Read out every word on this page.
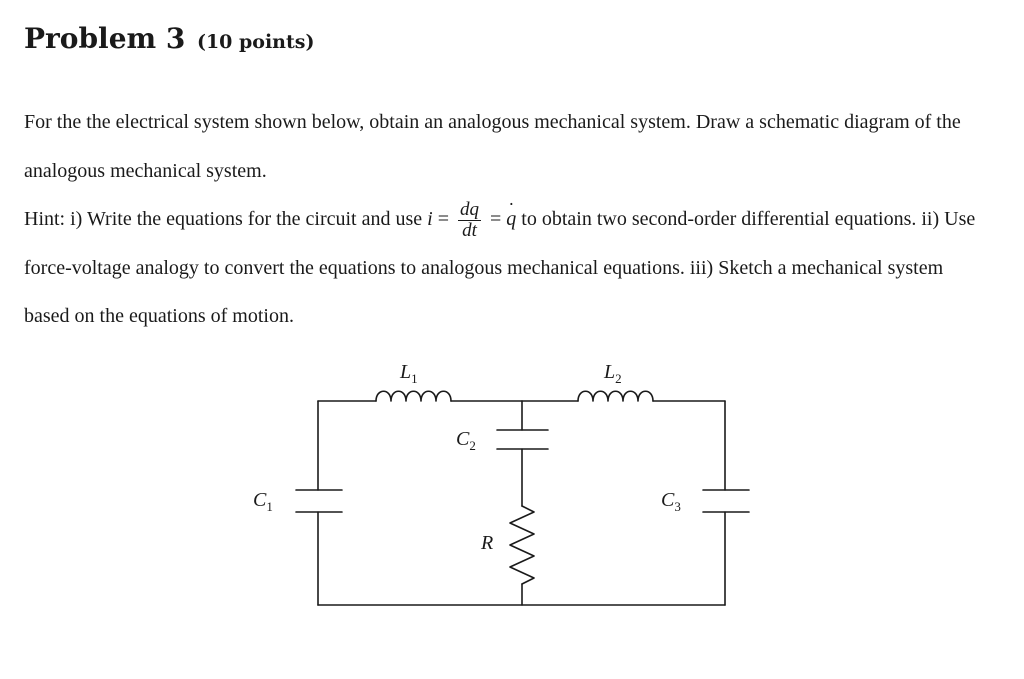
Problem 3 (10 points)

For the the electrical system shown below, obtain an analogous mechanical system. Draw a schematic diagram of the analogous mechanical system.
Hint: i) Write the equations for the circuit and use $i = \frac{dq}{dt}$ = ˙ q to obtain two second-order differential equations. ii) Use force-voltage analogy to convert the equations to analogous mechanical equations. iii) Sketch a mechanical system based on the equations of motion.

$L_1$	$L_2$
$C_2$
$C_1$	$C_3$
R
